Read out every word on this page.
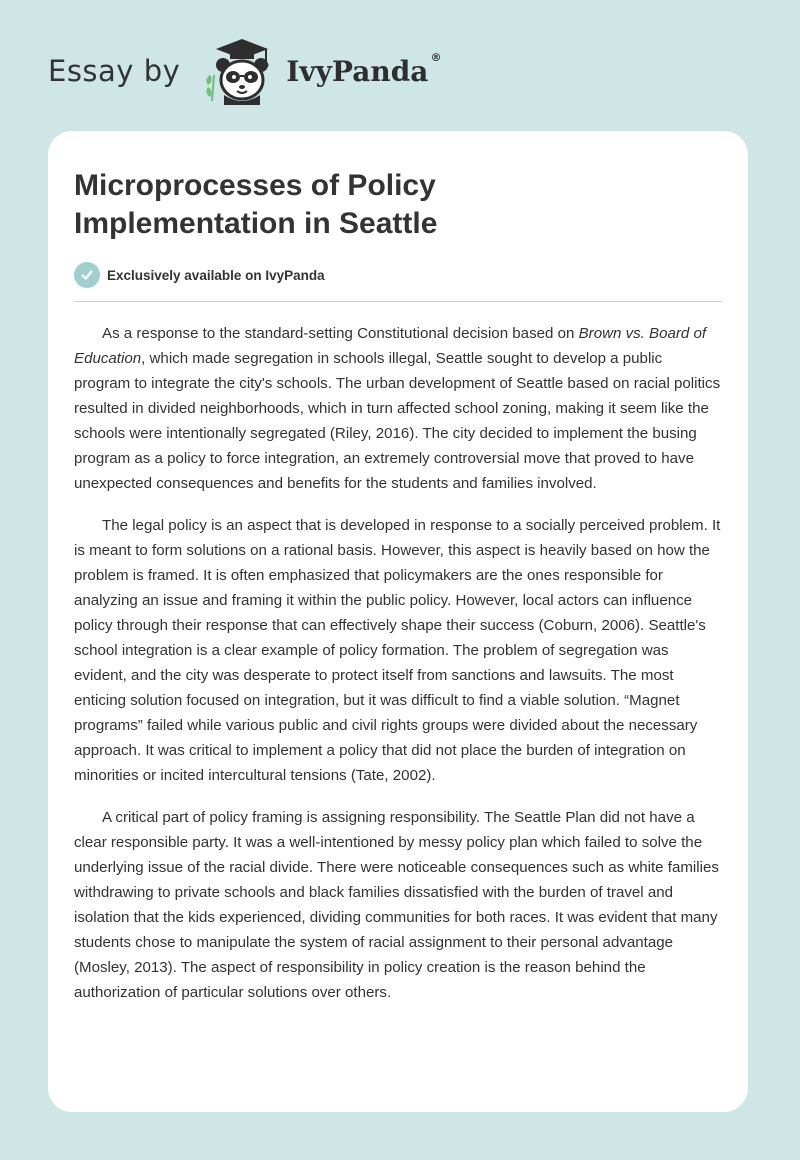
Essay by	IvyPanda ®
Microprocesses of Policy Implementation in Seattle
Exclusively available on IvyPanda

As a response to the standard-setting Constitutional decision based on Brown vs. Board of Education, which made segregation in schools illegal, Seattle sought to develop a public program to integrate the city's schools. The urban development of Seattle based on racial politics resulted in divided neighborhoods, which in turn affected school zoning, making it seem like the schools were intentionally segregated (Riley, 2016). The city decided to implement the busing program as a policy to force integration, an extremely controversial move that proved to have unexpected consequences and benefits for the students and families involved.

The legal policy is an aspect that is developed in response to a socially perceived problem. It is meant to form solutions on a rational basis. However, this aspect is heavily based on how the problem is framed. It is often emphasized that policymakers are the ones responsible for analyzing an issue and framing it within the public policy. However, local actors can influence policy through their response that can effectively shape their success (Coburn, 2006). Seattle's school integration is a clear example of policy formation. The problem of segregation was evident, and the city was desperate to protect itself from sanctions and lawsuits. The most enticing solution focused on integration, but it was difficult to find a viable solution. “Magnet programs” failed while various public and civil rights groups were divided about the necessary approach. It was critical to implement a policy that did not place the burden of integration on minorities or incited intercultural tensions (Tate, 2002).

A critical part of policy framing is assigning responsibility. The Seattle Plan did not have a clear responsible party. It was a well-intentioned by messy policy plan which failed to solve the underlying issue of the racial divide. There were noticeable consequences such as white families withdrawing to private schools and black families dissatisfied with the burden of travel and isolation that the kids experienced, dividing communities for both races. It was evident that many students chose to manipulate the system of racial assignment to their personal advantage (Mosley, 2013). The aspect of responsibility in policy creation is the reason behind the authorization of particular solutions over others.
